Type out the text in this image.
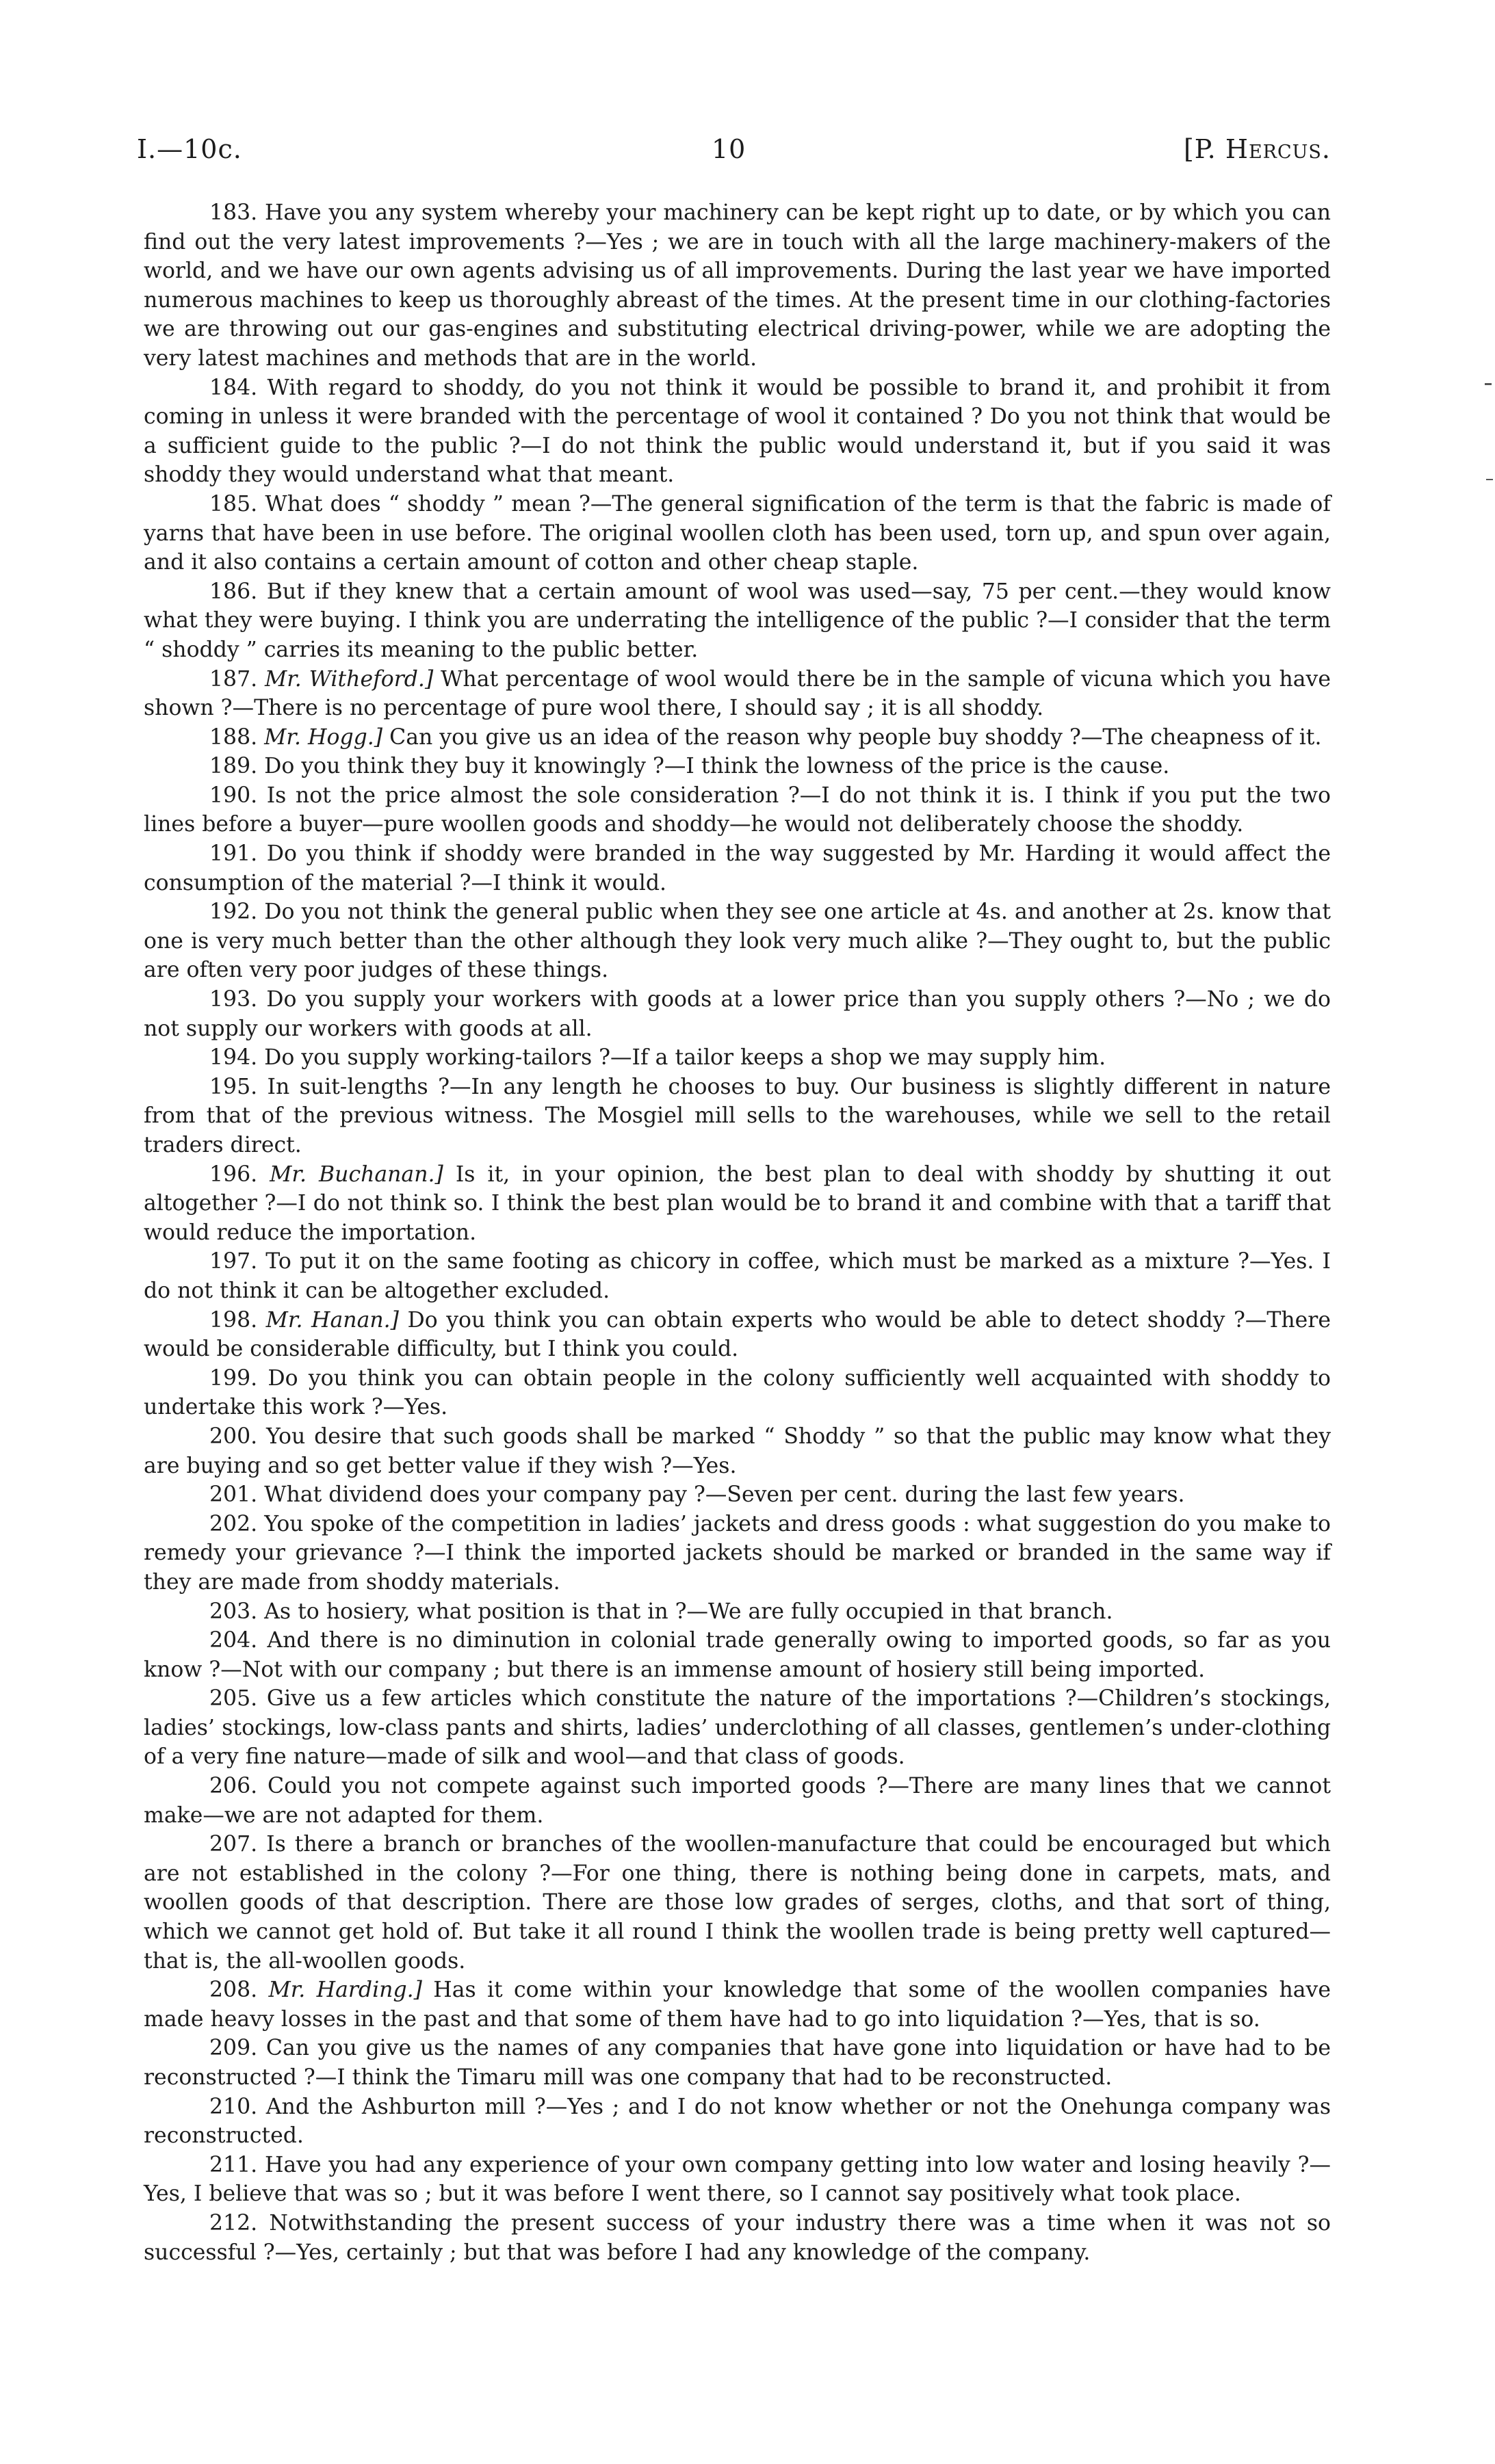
I.—10c.	10	[P. Hercus.

183. Have you any system whereby your machinery can be kept right up to date, or by which you can find out the very latest improvements ?—Yes ; we are in touch with all the large machinery-makers of the world, and we have our own agents advising us of all improvements. During the last year we have imported numerous machines to keep us thoroughly abreast of the times. At the present time in our clothing-factories we are throwing out our gas-engines and substituting electrical driving-power, while we are adopting the very latest machines and methods that are in the world.

184. With regard to shoddy, do you not think it would be possible to brand it, and prohibit it from coming in unless it were branded with the percentage of wool it contained ? Do you not think that would be a sufficient guide to the public ?—I do not think the public would understand it, but if you said it was shoddy they would understand what that meant.

185. What does “ shoddy ” mean ?—The general signification of the term is that the fabric is made of yarns that have been in use before. The original woollen cloth has been used, torn up, and spun over again, and it also contains a certain amount of cotton and other cheap staple.

186. But if they knew that a certain amount of wool was used—say, 75 per cent.—they would know what they were buying. I think you are underrating the intelligence of the public ?—I consider that the term “ shoddy ” carries its meaning to the public better.

187. Mr. Witheford.] What percentage of wool would there be in the sample of vicuna which you have shown ?—There is no percentage of pure wool there, I should say ; it is all shoddy.

188. Mr. Hogg.] Can you give us an idea of the reason why people buy shoddy ?—The cheapness of it.

189. Do you think they buy it knowingly ?—I think the lowness of the price is the cause.

190. Is not the price almost the sole consideration ?—I do not think it is. I think if you put the two lines before a buyer—pure woollen goods and shoddy—he would not deliberately choose the shoddy.

191. Do you think if shoddy were branded in the way suggested by Mr. Harding it would affect the consumption of the material ?—I think it would.

192. Do you not think the general public when they see one article at 4s. and another at 2s. know that one is very much better than the other although they look very much alike ?—They ought to, but the public are often very poor judges of these things.

193. Do you supply your workers with goods at a lower price than you supply others ?—No ; we do not supply our workers with goods at all.

194. Do you supply working-tailors ?—If a tailor keeps a shop we may supply him.

195. In suit-lengths ?—In any length he chooses to buy. Our business is slightly different in nature from that of the previous witness. The Mosgiel mill sells to the warehouses, while we sell to the retail traders direct.

196. Mr. Buchanan.] Is it, in your opinion, the best plan to deal with shoddy by shutting it out altogether ?—I do not think so. I think the best plan would be to brand it and combine with that a tariff that would reduce the importation.

197. To put it on the same footing as chicory in coffee, which must be marked as a mixture ?—Yes. I do not think it can be altogether excluded.

198. Mr. Hanan.] Do you think you can obtain experts who would be able to detect shoddy ?—There would be considerable difficulty, but I think you could.

199. Do you think you can obtain people in the colony sufficiently well acquainted with shoddy to undertake this work ?—Yes.

200. You desire that such goods shall be marked “ Shoddy ” so that the public may know what they are buying and so get better value if they wish ?—Yes.

201. What dividend does your company pay ?—Seven per cent. during the last few years.

202. You spoke of the competition in ladies’ jackets and dress goods : what suggestion do you make to remedy your grievance ?—I think the imported jackets should be marked or branded in the same way if they are made from shoddy materials.

203. As to hosiery, what position is that in ?—We are fully occupied in that branch.

204. And there is no diminution in colonial trade generally owing to imported goods, so far as you know ?—Not with our company ; but there is an immense amount of hosiery still being imported.

205. Give us a few articles which constitute the nature of the importations ?—Children’s stockings, ladies’ stockings, low-class pants and shirts, ladies’ underclothing of all classes, gentlemen’s under-clothing of a very fine nature—made of silk and wool—and that class of goods.

206. Could you not compete against such imported goods ?—There are many lines that we cannot make—we are not adapted for them.

207. Is there a branch or branches of the woollen-manufacture that could be encouraged but which are not established in the colony ?—For one thing, there is nothing being done in carpets, mats, and woollen goods of that description. There are those low grades of serges, cloths, and that sort of thing, which we cannot get hold of. But take it all round I think the woollen trade is being pretty well captured—that is, the all-woollen goods.

208. Mr. Harding.] Has it come within your knowledge that some of the woollen companies have made heavy losses in the past and that some of them have had to go into liquidation ?—Yes, that is so.

209. Can you give us the names of any companies that have gone into liquidation or have had to be reconstructed ?—I think the Timaru mill was one company that had to be reconstructed.

210. And the Ashburton mill ?—Yes ; and I do not know whether or not the Onehunga company was reconstructed.

211. Have you had any experience of your own company getting into low water and losing heavily ?—Yes, I believe that was so ; but it was before I went there, so I cannot say positively what took place.

212. Notwithstanding the present success of your industry there was a time when it was not so successful ?—Yes, certainly ; but that was before I had any knowledge of the company.
